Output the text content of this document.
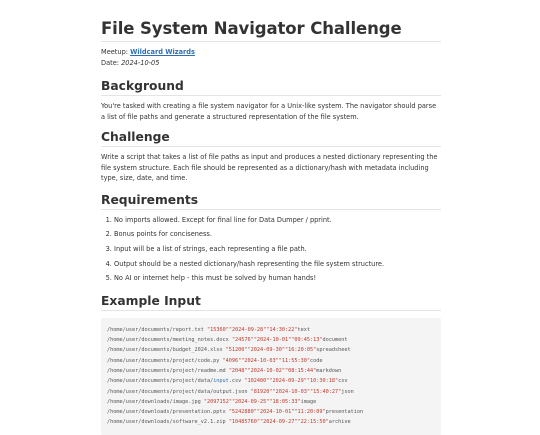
File System Navigator Challenge
Meetup: Wildcard Wizards
Date: 2024-10-05
Background

You're tasked with creating a file system navigator for a Unix-like system. The navigator should parse a list of file paths and generate a structured representation of the file system.

Challenge

Write a script that takes a list of file paths as input and produces a nested dictionary representing the file system structure. Each file should be represented as a dictionary/hash with metadata including type, size, date, and time.

Requirements
1. No imports allowed. Except for final line for Data Dumper / pprint.
2. Bonus points for conciseness.
3. Input will be a list of strings, each representing a file path.
4. Output should be a nested dictionary/hash representing the file system structure.
5. No AI or internet help - this must be solved by human hands!
Example Input
/home/user/documents/report.txt "15360""2024-09-28""14:30:22"text
/home/user/documents/meeting_notes.docx "24576""2024-10-01""09:45:13"document
/home/user/documents/budget_2024.xlsx "51200""2024-09-30""16:20:05"spreadsheet
/home/user/documents/project/code.py "4096""2024-10-03""11:55:30"code
/home/user/documents/project/readme.md "2048""2024-10-02""08:15:44"markdown
/home/user/documents/project/data/input.csv "102400""2024-09-29""10:30:18"csv
/home/user/documents/project/data/output.json "81920""2024-10-03""15:40:27"json
/home/user/downloads/image.jpg "2097152""2024-09-25""18:05:33"image
/home/user/downloads/presentation.pptx "5242880""2024-10-01""11:20:09"presentation
/home/user/downloads/software_v2.1.zip "10485760""2024-09-27""22:15:50"archive
